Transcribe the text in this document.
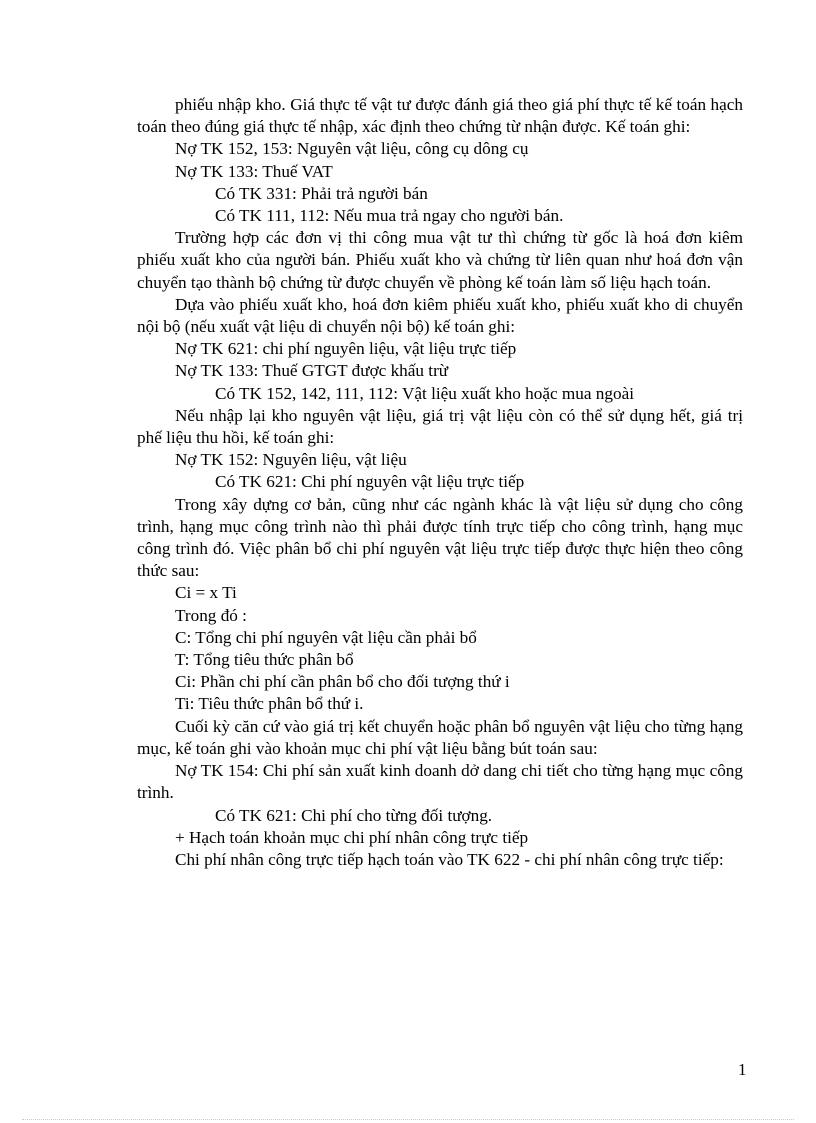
phiếu nhập kho. Giá thực tế vật tư được đánh giá theo giá phí thực tế kế toán hạch toán theo đúng giá thực tế nhập, xác định theo chứng từ nhận được. Kế toán ghi:

Nợ TK 152, 153: Nguyên vật liệu, công cụ dông cụ

Nợ TK 133: Thuế VAT

Có TK 331: Phải trả người bán

Có TK 111, 112: Nếu mua trả ngay cho người bán.

Trường hợp các đơn vị thi công mua vật tư thì chứng từ gốc là hoá đơn kiêm phiếu xuất kho của người bán. Phiếu xuất kho và chứng từ liên quan như hoá đơn vận chuyển tạo thành bộ chứng từ được chuyển về phòng kế toán làm số liệu hạch toán.

Dựa vào phiếu xuất kho, hoá đơn kiêm phiếu xuất kho, phiếu xuất kho di chuyển nội bộ (nếu xuất vật liệu di chuyển nội bộ) kế toán ghi:

Nợ TK 621: chi phí nguyên liệu, vật liệu trực tiếp

Nợ TK 133: Thuế GTGT được khấu trừ

Có TK 152, 142, 111, 112: Vật liệu xuất kho hoặc mua ngoài

Nếu nhập lại kho nguyên vật liệu, giá trị vật liệu còn có thể sử dụng hết, giá trị phế liệu thu hồi, kế toán ghi:

Nợ TK 152: Nguyên liệu, vật liệu

Có TK 621: Chi phí nguyên vật liệu trực tiếp

Trong xây dựng cơ bản, cũng như các ngành khác là vật liệu sử dụng cho công trình, hạng mục công trình nào thì phải được tính trực tiếp cho công trình, hạng mục công trình đó. Việc phân bổ chi phí nguyên vật liệu trực tiếp được thực hiện theo công thức sau:

Ci = x Ti

Trong đó :

C: Tổng chi phí nguyên vật liệu cần phải bổ

T: Tổng tiêu thức phân bổ

Ci: Phần chi phí cần phân bổ cho đối tượng thứ i

Ti: Tiêu thức phân bổ thứ i.

Cuối kỳ căn cứ vào giá trị kết chuyển hoặc phân bổ nguyên vật liệu cho từng hạng mục, kế toán ghi vào khoản mục chi phí vật liệu bằng bút toán sau:

Nợ TK 154: Chi phí sản xuất kinh doanh dở dang chi tiết cho từng hạng mục công trình.

Có TK 621: Chi phí cho từng đối tượng.

+ Hạch toán khoản mục chi phí nhân công trực tiếp

Chi phí nhân công trực tiếp hạch toán vào TK 622 - chi phí nhân công trực tiếp:

1
